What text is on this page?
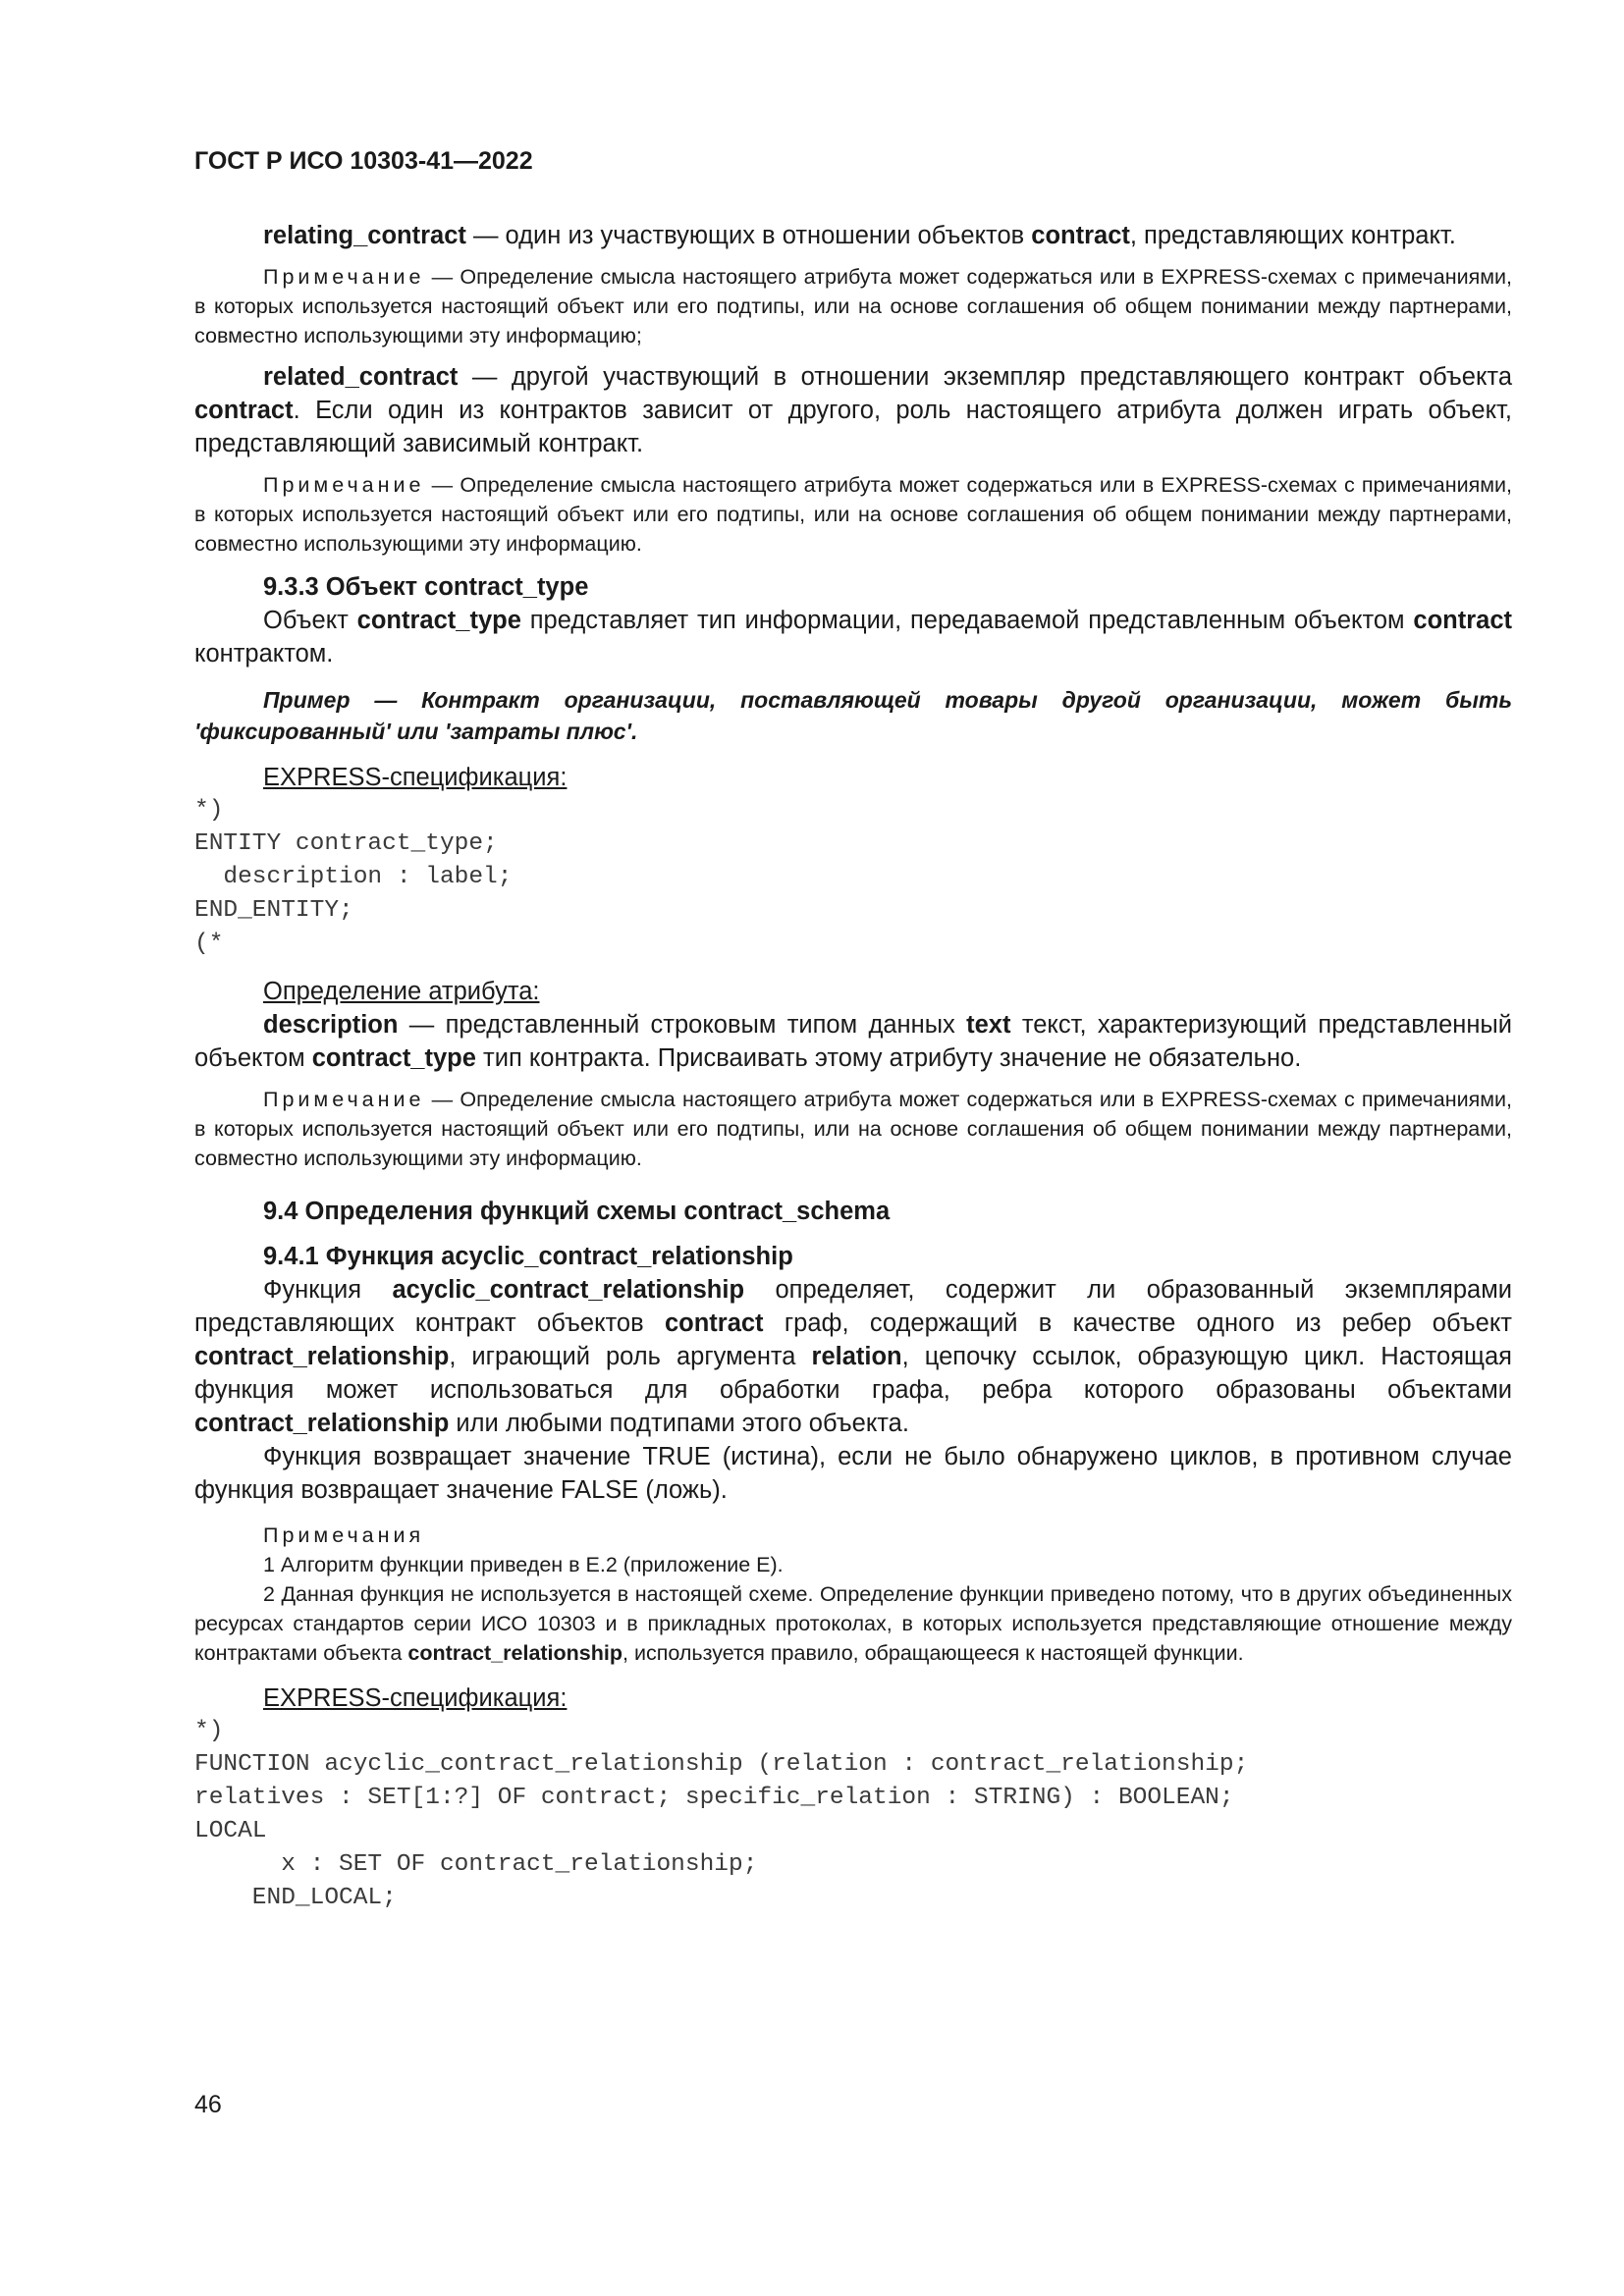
ГОСТ Р ИСО 10303-41—2022

relating_contract — один из участвующих в отношении объектов contract, представляющих контракт.

Примечание — Определение смысла настоящего атрибута может содержаться или в EXPRESS-схемах с примечаниями, в которых используется настоящий объект или его подтипы, или на основе соглашения об общем понимании между партнерами, совместно использующими эту информацию;

related_contract — другой участвующий в отношении экземпляр представляющего контракт объекта contract. Если один из контрактов зависит от другого, роль настоящего атрибута должен играть объект, представляющий зависимый контракт.

Примечание — Определение смысла настоящего атрибута может содержаться или в EXPRESS-схемах с примечаниями, в которых используется настоящий объект или его подтипы, или на основе соглашения об общем понимании между партнерами, совместно использующими эту информацию.

9.3.3 Объект contract_type

Объект contract_type представляет тип информации, передаваемой представленным объектом contract контрактом.

Пример — Контракт организации, поставляющей товары другой организации, может быть 'фиксированный' или 'затраты плюс'.

EXPRESS-спецификация:

*)
ENTITY contract_type;
description : label;
END_ENTITY;
(*

Определение атрибута:

description — представленный строковым типом данных text текст, характеризующий представленный объектом contract_type тип контракта. Присваивать этому атрибуту значение не обязательно.

Примечание — Определение смысла настоящего атрибута может содержаться или в EXPRESS-схемах с примечаниями, в которых используется настоящий объект или его подтипы, или на основе соглашения об общем понимании между партнерами, совместно использующими эту информацию.

9.4 Определения функций схемы contract_schema

9.4.1 Функция acyclic_contract_relationship

Функция acyclic_contract_relationship определяет, содержит ли образованный экземплярами представляющих контракт объектов contract граф, содержащий в качестве одного из ребер объект contract_relationship, играющий роль аргумента relation, цепочку ссылок, образующую цикл. Настоящая функция может использоваться для обработки графа, ребра которого образованы объектами contract_relationship или любыми подтипами этого объекта.

Функция возвращает значение TRUE (истина), если не было обнаружено циклов, в противном случае функция возвращает значение FALSE (ложь).

Примечания

1 Алгоритм функции приведен в E.2 (приложение E).

2 Данная функция не используется в настоящей схеме. Определение функции приведено потому, что в других объединенных ресурсах стандартов серии ИСО 10303 и в прикладных протоколах, в которых используется представляющие отношение между контрактами объекта contract_relationship, используется правило, обращающееся к настоящей функции.

EXPRESS-спецификация:

*)
FUNCTION acyclic_contract_relationship (relation : contract_relationship;
relatives : SET[1:?] OF contract; specific_relation : STRING) : BOOLEAN;
LOCAL
x : SET OF contract_relationship;
END_LOCAL;
46
